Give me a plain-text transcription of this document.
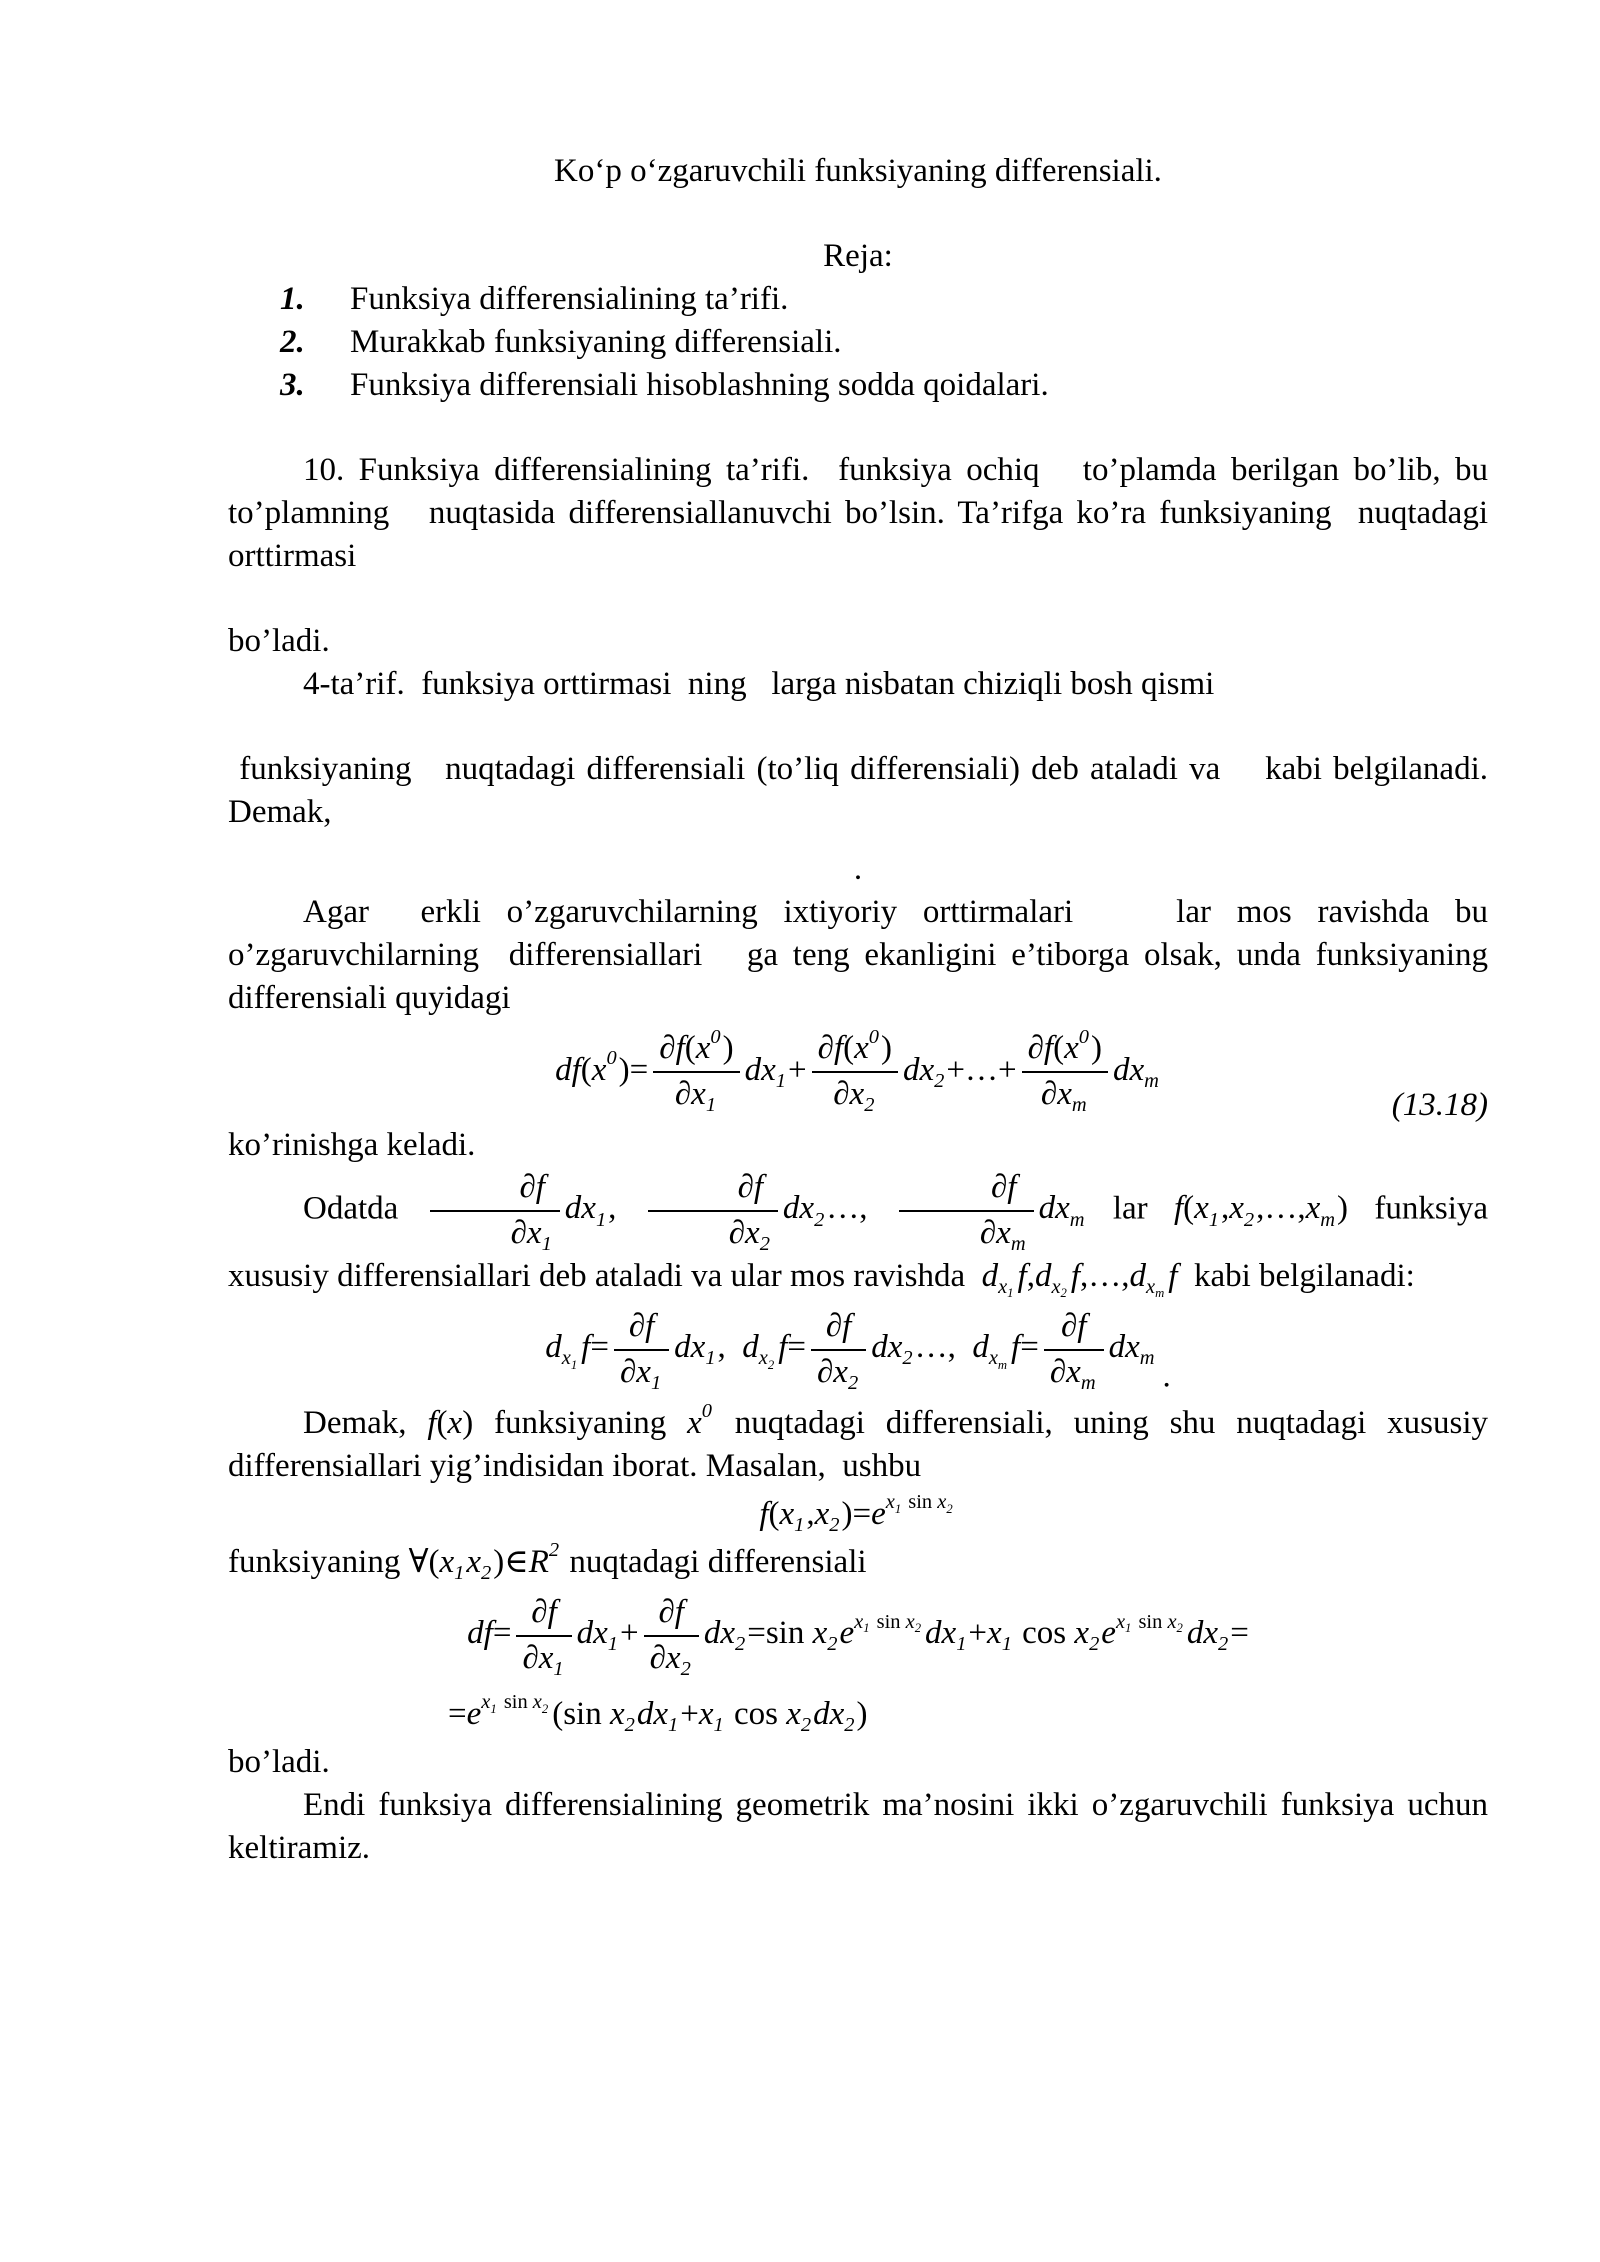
Ko‘p o‘zgaruvchili funksiyaning differensiali.
Reja:
1.	Funksiya differensialining ta’rifi.
2.	Murakkab funksiyaning differensiali.
3.	Funksiya differensiali hisoblashning sodda qoidalari.

10. Funksiya differensialining ta’rifi.  funksiya ochiq   to’plamda berilgan bo’lib, bu to’plamning   nuqtasida differensiallanuvchi bo’lsin. Ta’rifga ko’ra funksiyaning  nuqtadagi orttirmasi

bo’ladi.

4-ta’rif.  funksiya orttirmasi  ning   larga nisbatan chiziqli bosh qismi

funksiyaning   nuqtadagi differensiali (to’liq differensiali) deb ataladi va    kabi belgilanadi. Demak,

.

Agar  erkli o’zgaruvchilarning ixtiyoriy orttirmalari    lar mos ravishda bu o’zgaruvchilarning  differensiallari   ga teng ekanligini e’tiborga olsak, unda funksiyaning differensiali quyidagi

$df(x^0)= \frac{\partial f(x^0)}{\partial x_1} dx_1+ \frac{\partial f(x^0)}{\partial x_2}$ $dx_2+\dots+ \frac{\partial f(x^0)}{\partial x_m} dx_m$
(13.18)

ko’rinishga keladi.

Odatda $\frac{\partial f}{\partial x_1} dx_1$, $\frac{\partial f}{\partial x_2}$ $dx_2\dots$, $\frac{\partial f}{\partial x_m} dx_m$  lar  $f(x_1,x_2,\dots,x_m)$  funksiya xususiy differensiallari deb ataladi va ular mos ravishda  $d_{x_1}$ $f,d_{x_2}$ $f,\dots,d_{x_m}$ f  kabi belgilanadi:

$d_{x_1}$ $f= \frac{\partial f}{\partial x_1} dx_1$,  $d_{x_2}$ $f= \frac{\partial f}{\partial x_2}$ $dx_2\dots$,  $d_{x_m}$ $f= \frac{\partial f}{\partial x_m} dx_m$.

Demak, f(x) funksiyaning $x^0$ nuqtadagi differensiali, uning shu nuqtadagi xususiy differensiallari yig’indisidan iborat. Masalan,  ushbu

$f(x_1,x_2)=e^{x_1 sin x_2}$

funksiyaning $\forall(x_1x_2)\in R^2$ nuqtadagi differensiali

$df= \frac{\partial f}{\partial x_1} dx_1+ \frac{\partial f}{\partial x_2} dx_2=\sin$ $x_2e^{x_1 sin x_2}$ $dx_1+x_1$ $\cos x_2e^{x_1 sin x_2}$ $dx_2=$
$=e^{x_1 sin x_2}$ (sin $x_2dx_1+x_1$ $\cos x_2dx_2$)

bo’ladi.

Endi funksiya differensialining geometrik ma’nosini ikki o’zgaruvchili funksiya uchun keltiramiz.
